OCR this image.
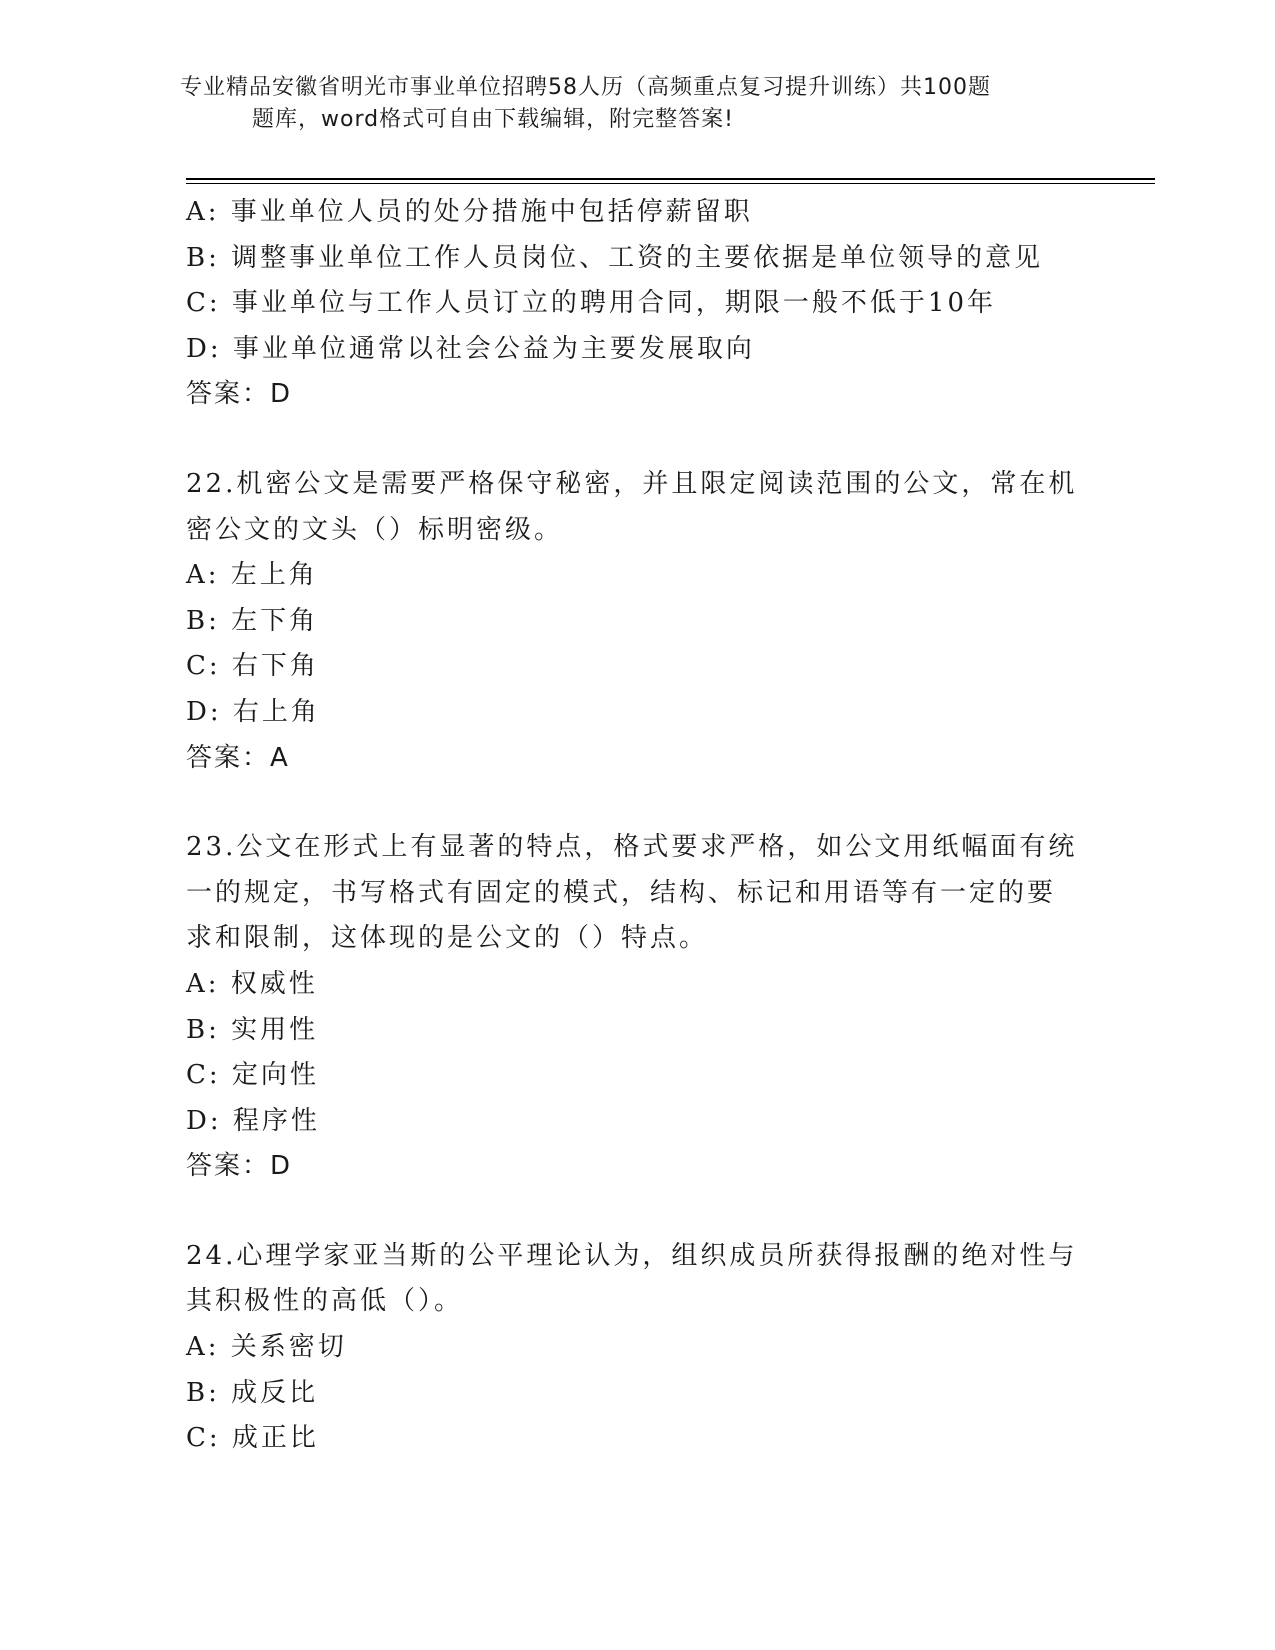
专业精品安徽省明光市事业单位招聘58人历（高频重点复习提升训练）共100题
题库，word格式可自由下载编辑，附完整答案!
A: 事业单位人员的处分措施中包括停薪留职
B: 调整事业单位工作人员岗位、工资的主要依据是单位领导的意见
C: 事业单位与工作人员订立的聘用合同，期限一般不低于10年
D: 事业单位通常以社会公益为主要发展取向
答案：D
22.机密公文是需要严格保守秘密，并且限定阅读范围的公文，常在机
密公文的文头（）标明密级。
A: 左上角
B: 左下角
C: 右下角
D: 右上角
答案：A
23.公文在形式上有显著的特点，格式要求严格，如公文用纸幅面有统
一的规定，书写格式有固定的模式，结构、标记和用语等有一定的要
求和限制，这体现的是公文的（）特点。
A: 权威性
B: 实用性
C: 定向性
D: 程序性
答案：D
24.心理学家亚当斯的公平理论认为，组织成员所获得报酬的绝对性与
其积极性的高低（）。
A: 关系密切
B: 成反比
C: 成正比
